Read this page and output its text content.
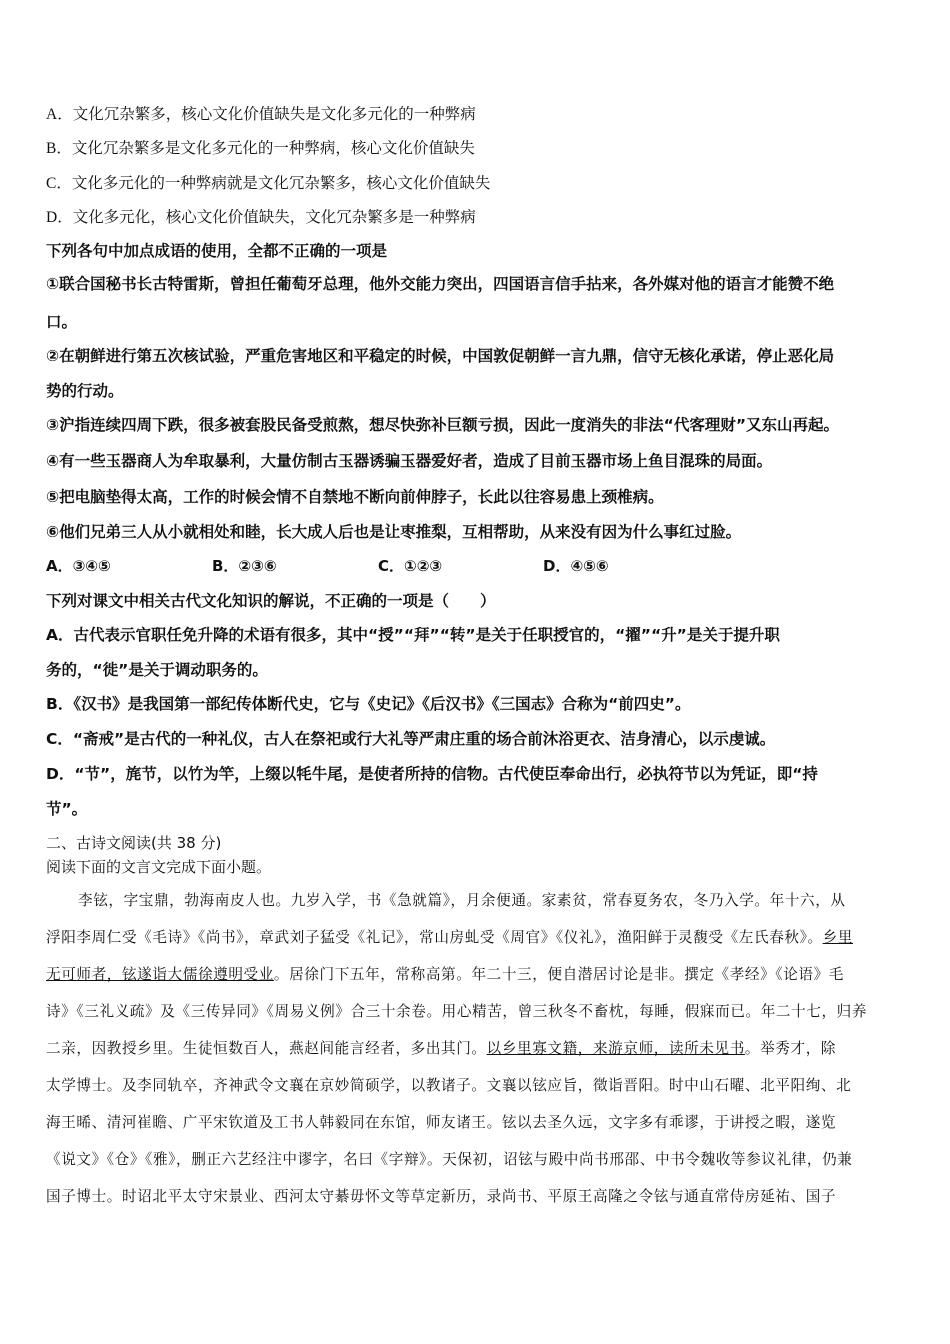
A．文化冗杂繁多，核心文化价值缺失是文化多元化的一种弊病
B．文化冗杂繁多是文化多元化的一种弊病，核心文化价值缺失
C．文化多元化的一种弊病就是文化冗杂繁多，核心文化价值缺失
D．文化多元化，核心文化价值缺失，文化冗杂繁多是一种弊病
下列各句中加点成语的使用，全都不正确的一项是
①联合国秘书长古特雷斯，曾担任葡萄牙总理，他外交能力突出，四国语言信手拈来，各外媒对他的语言才能赞不绝
口。
②在朝鲜进行第五次核试验，严重危害地区和平稳定的时候，中国敦促朝鲜一言九鼎，信守无核化承诺，停止恶化局
势的行动。
③沪指连续四周下跌，很多被套股民备受煎熬，想尽快弥补巨额亏损，因此一度消失的非法“代客理财”又东山再起。
④有一些玉器商人为牟取暴利，大量仿制古玉器诱骗玉器爱好者，造成了目前玉器市场上鱼目混珠的局面。
⑤把电脑垫得太高，工作的时候会情不自禁地不断向前伸脖子，长此以往容易患上颈椎病。
⑥他们兄弟三人从小就相处和睦，长大成人后也是让枣推梨，互相帮助，从来没有因为什么事红过脸。
A．③④⑤	B．②③⑥	C．①②③	D．④⑤⑥
下列对课文中相关古代文化知识的解说，不正确的一项是（　　）
A．古代表示官职任免升降的术语有很多，其中“授”“拜”“转”是关于任职授官的，“擢”“升”是关于提升职
务的，“徙”是关于调动职务的。
B．《汉书》是我国第一部纪传体断代史，它与《史记》《后汉书》《三国志》合称为“前四史”。
C．“斋戒”是古代的一种礼仪，古人在祭祀或行大礼等严肃庄重的场合前沐浴更衣、洁身清心，以示虔诚。
D．“节”，旄节，以竹为竿，上缀以牦牛尾，是使者所持的信物。古代使臣奉命出行，必执符节以为凭证，即“持
节”。
二、古诗文阅读(共 38 分)
阅读下面的文言文完成下面小题。
李铉，字宝鼎，勃海南皮人也。九岁入学，书《急就篇》，月余便通。家素贫，常春夏务农，冬乃入学。年十六，从
浮阳李周仁受《毛诗》《尚书》，章武刘子猛受《礼记》，常山房虬受《周官》《仪礼》，渔阳鲜于灵馥受《左氏春秋》。乡里
无可师者，铉遂诣大儒徐遵明受业。居徐门下五年，常称高第。年二十三，便自潜居讨论是非。撰定《孝经》《论语》毛
诗》《三礼义疏》及《三传异同》《周易义例》合三十余卷。用心精苦，曾三秋冬不畜枕，每睡，假寐而已。年二十七，归养
二亲，因教授乡里。生徒恒数百人，燕赵间能言经者，多出其门。以乡里寡文籍，来游京师，读所未见书。举秀才，除
太学博士。及李同轨卒，齐神武令文襄在京妙简硕学，以教诸子。文襄以铉应旨，徵诣晋阳。时中山石曜、北平阳绚、北
海王晞、清河崔瞻、广平宋钦道及工书人韩毅同在东馆，师友诸王。铉以去圣久远，文字多有乖谬，于讲授之暇，遂览
《说文》《仓》《雅》，删正六艺经注中谬字，名曰《字辩》。天保初，诏铉与殿中尚书邢邵、中书令魏收等参议礼律，仍兼
国子博士。时诏北平太守宋景业、西河太守綦毋怀文等草定新历，录尚书、平原王高隆之令铉与通直常侍房延祐、国子
